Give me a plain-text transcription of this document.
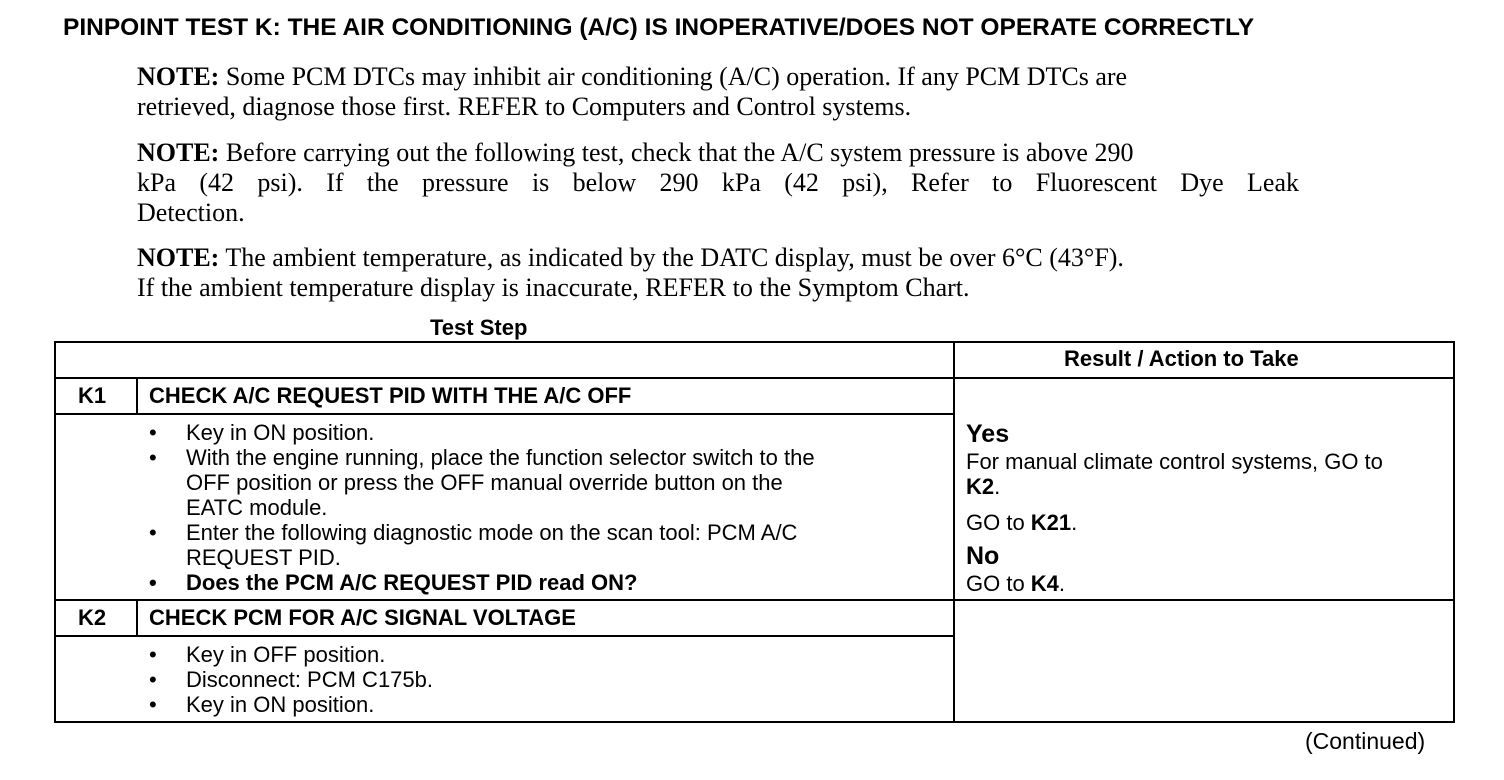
PINPOINT TEST K: THE AIR CONDITIONING (A/C) IS INOPERATIVE/DOES NOT OPERATE CORRECTLY
NOTE: Some PCM DTCs may inhibit air conditioning (A/C) operation. If any PCM DTCs are
retrieved, diagnose those first. REFER to Computers and Control systems.
NOTE: Before carrying out the following test, check that the A/C system pressure is above 290
kPa (42 psi). If the pressure is below 290 kPa (42 psi), Refer to Fluorescent Dye Leak
Detection.
NOTE: The ambient temperature, as indicated by the DATC display, must be over 6°C (43°F).
If the ambient temperature display is inaccurate, REFER to the Symptom Chart.
Test Step
Result / Action to Take
K1 CHECK A/C REQUEST PID WITH THE A/C OFF
• Key in ON position.
• With the engine running, place the function selector switch to the
OFF position or press the OFF manual override button on the
EATC module.
• Enter the following diagnostic mode on the scan tool: PCM A/C
REQUEST PID.
• Does the PCM A/C REQUEST PID read ON?
Yes
For manual climate control systems, GO to
K2.
GO to K21.
No
GO to K4.
K2 CHECK PCM FOR A/C SIGNAL VOLTAGE
• Key in OFF position.
• Disconnect: PCM C175b.
• Key in ON position.
(Continued)
